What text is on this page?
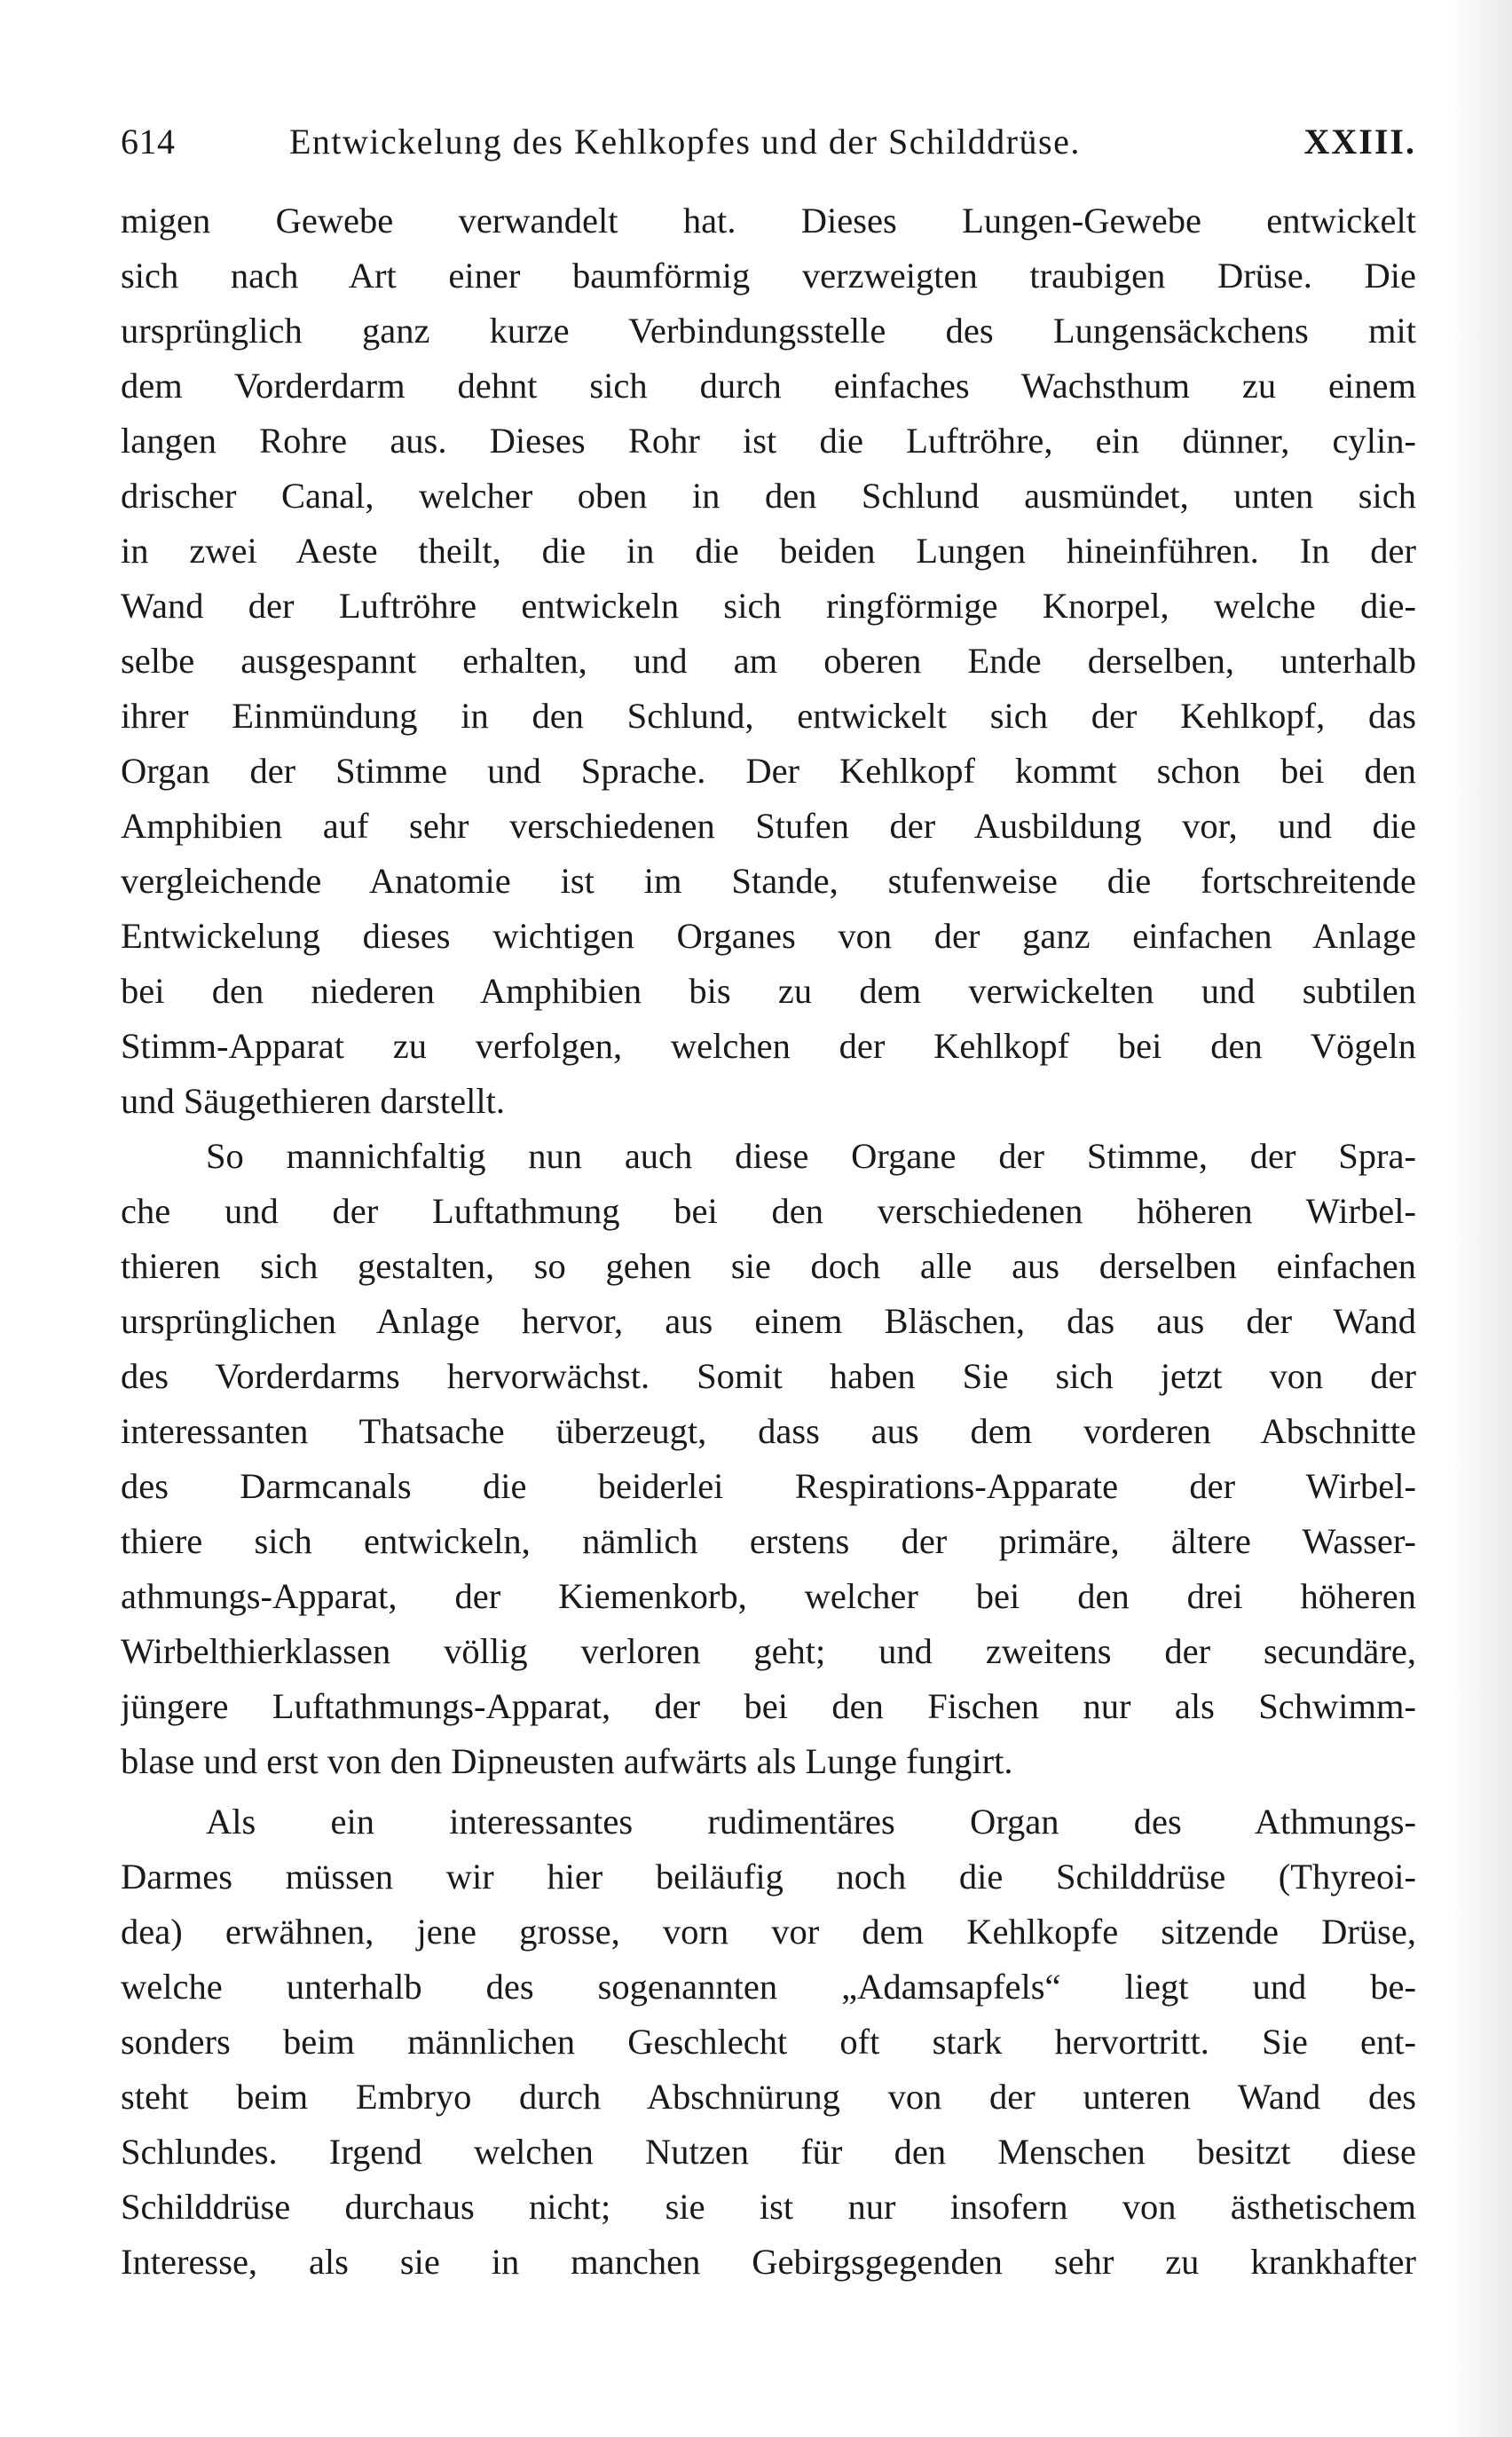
614	Entwickelung des Kehlkopfes und der Schilddrüse.	XXIII.
migen Gewebe verwandelt hat. Dieses Lungen-Gewebe entwickelt
sich nach Art einer baumförmig verzweigten traubigen Drüse. Die
ursprünglich ganz kurze Verbindungsstelle des Lungensäckchens mit
dem Vorderdarm dehnt sich durch einfaches Wachsthum zu einem
langen Rohre aus. Dieses Rohr ist die Luftröhre, ein dünner, cylin-
drischer Canal, welcher oben in den Schlund ausmündet, unten sich
in zwei Aeste theilt, die in die beiden Lungen hineinführen. In der
Wand der Luftröhre entwickeln sich ringförmige Knorpel, welche die-
selbe ausgespannt erhalten, und am oberen Ende derselben, unterhalb
ihrer Einmündung in den Schlund, entwickelt sich der Kehlkopf, das
Organ der Stimme und Sprache. Der Kehlkopf kommt schon bei den
Amphibien auf sehr verschiedenen Stufen der Ausbildung vor, und die
vergleichende Anatomie ist im Stande, stufenweise die fortschreitende
Entwickelung dieses wichtigen Organes von der ganz einfachen Anlage
bei den niederen Amphibien bis zu dem verwickelten und subtilen
Stimm-Apparat zu verfolgen, welchen der Kehlkopf bei den Vögeln
und Säugethieren darstellt.
So mannichfaltig nun auch diese Organe der Stimme, der Spra-
che und der Luftathmung bei den verschiedenen höheren Wirbel-
thieren sich gestalten, so gehen sie doch alle aus derselben einfachen
ursprünglichen Anlage hervor, aus einem Bläschen, das aus der Wand
des Vorderdarms hervorwächst. Somit haben Sie sich jetzt von der
interessanten Thatsache überzeugt, dass aus dem vorderen Abschnitte
des Darmcanals die beiderlei Respirations-Apparate der Wirbel-
thiere sich entwickeln, nämlich erstens der primäre, ältere Wasser-
athmungs-Apparat, der Kiemenkorb, welcher bei den drei höheren
Wirbelthierklassen völlig verloren geht; und zweitens der secundäre,
jüngere Luftathmungs-Apparat, der bei den Fischen nur als Schwimm-
blase und erst von den Dipneusten aufwärts als Lunge fungirt.
Als ein interessantes rudimentäres Organ des Athmungs-
Darmes müssen wir hier beiläufig noch die Schilddrüse (Thyreoi-
dea) erwähnen, jene grosse, vorn vor dem Kehlkopfe sitzende Drüse,
welche unterhalb des sogenannten „Adamsapfels“ liegt und be-
sonders beim männlichen Geschlecht oft stark hervortritt. Sie ent-
steht beim Embryo durch Abschnürung von der unteren Wand des
Schlundes. Irgend welchen Nutzen für den Menschen besitzt diese
Schilddrüse durchaus nicht; sie ist nur insofern von ästhetischem
Interesse, als sie in manchen Gebirgsgegenden sehr zu krankhafter
